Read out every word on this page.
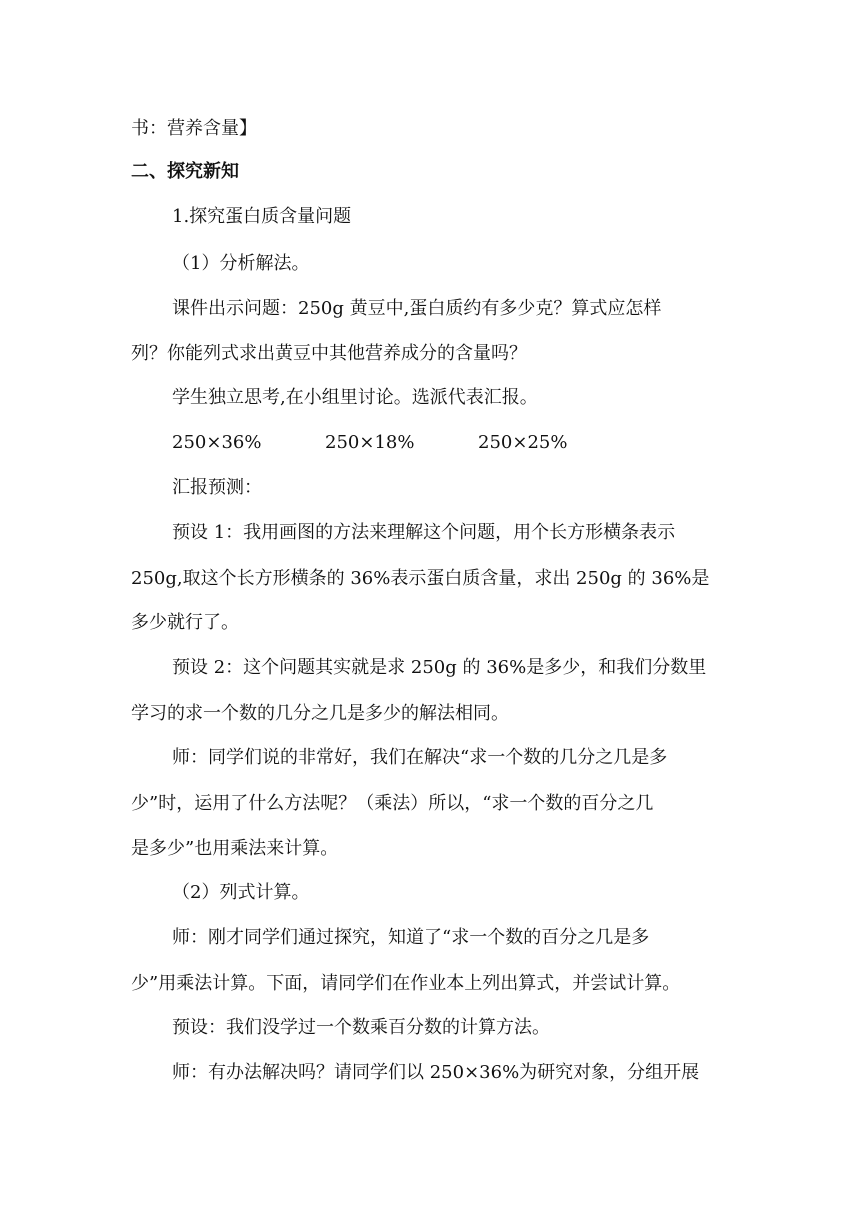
书：营养含量】
二、探究新知
1.探究蛋白质含量问题
（1）分析解法。
课件出示问题：250g 黄豆中,蛋白质约有多少克？算式应怎样
列？你能列式求出黄豆中其他营养成分的含量吗？
学生独立思考,在小组里讨论。选派代表汇报。
250×36%	250×18%	250×25%
汇报预测：
预设 1：我用画图的方法来理解这个问题，用个长方形横条表示
250g,取这个长方形横条的 36%表示蛋白质含量，求出 250g 的 36%是
多少就行了。
预设 2：这个问题其实就是求 250g 的 36%是多少，和我们分数里
学习的求一个数的几分之几是多少的解法相同。
师：同学们说的非常好，我们在解决“求一个数的几分之几是多
少”时，运用了什么方法呢？（乘法）所以，“求一个数的百分之几
是多少”也用乘法来计算。
（2）列式计算。
师：刚才同学们通过探究，知道了“求一个数的百分之几是多
少”用乘法计算。下面，请同学们在作业本上列出算式，并尝试计算。
预设：我们没学过一个数乘百分数的计算方法。
师：有办法解决吗？请同学们以 250×36%为研究对象，分组开展
